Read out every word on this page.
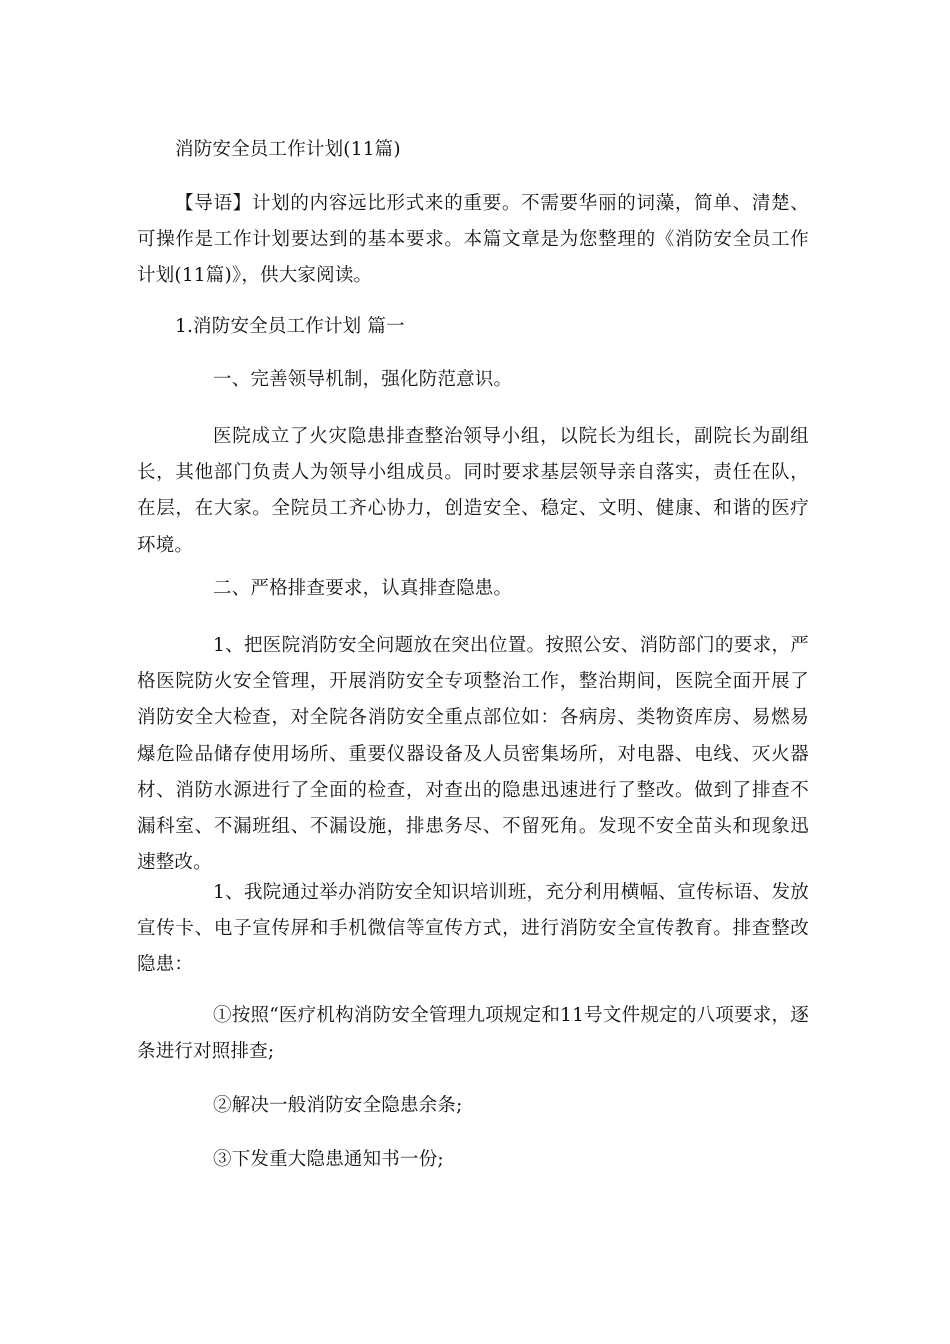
消防安全员工作计划(11篇)
【导语】计划的内容远比形式来的重要。不需要华丽的词藻，简单、清楚、可操作是工作计划要达到的基本要求。本篇文章是为您整理的《消防安全员工作计划(11篇)》，供大家阅读。
1.消防安全员工作计划 篇一
一、完善领导机制，强化防范意识。
医院成立了火灾隐患排查整治领导小组，以院长为组长，副院长为副组长，其他部门负责人为领导小组成员。同时要求基层领导亲自落实，责任在队，在层，在大家。全院员工齐心协力，创造安全、稳定、文明、健康、和谐的医疗环境。
二、严格排查要求，认真排查隐患。
1、把医院消防安全问题放在突出位置。按照公安、消防部门的要求，严格医院防火安全管理，开展消防安全专项整治工作，整治期间，医院全面开展了消防安全大检查，对全院各消防安全重点部位如：各病房、类物资库房、易燃易爆危险品储存使用场所、重要仪器设备及人员密集场所，对电器、电线、灭火器材、消防水源进行了全面的检查，对查出的隐患迅速进行了整改。做到了排查不漏科室、不漏班组、不漏设施，排患务尽、不留死角。发现不安全苗头和现象迅速整改。
1、我院通过举办消防安全知识培训班，充分利用横幅、宣传标语、发放宣传卡、电子宣传屏和手机微信等宣传方式，进行消防安全宣传教育。排查整改隐患：
①按照“医疗机构消防安全管理九项规定和11号文件规定的八项要求，逐条进行对照排查;
②解决一般消防安全隐患余条;
③下发重大隐患通知书一份;
